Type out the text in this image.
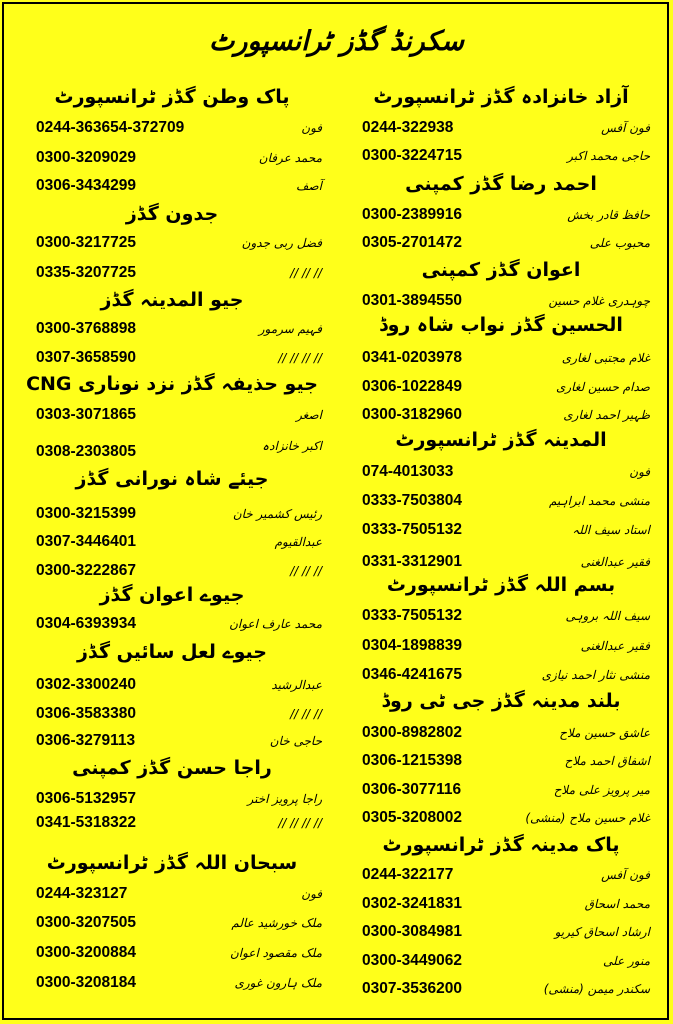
سکرنڈ گڈز ٹرانسپورٹ
پاک وطن گڈز ٹرانسپورٹ
0244-363654-372709	فون
0300-3209029	محمد عرفان
0306-3434299	آصف
جدون گڈز
0300-3217725	فضل ربی جدون
0335-3207725	// // //
جیو المدینہ گڈز
0300-3768898	فہیم سرمور
0307-3658590	// // // //
جیو حذیفہ گڈز نزد نوناری CNG
0303-3071865	اصغر
0308-2303805	اکبر خانزادہ
جیئے شاہ نورانی گڈز
0300-3215399	رئیس کشمیر خان
0307-3446401	عبدالقیوم
0300-3222867	// // //
جیوے اعوان گڈز
0304-6393934	محمد عارف اعوان
جیوے لعل سائیں گڈز
0302-3300240	عبدالرشید
0306-3583380	// // //
0306-3279113	حاجی خان
راجا حسن گڈز کمپنی
0306-5132957	راجا پرویز اختر
0341-5318322	// // // //
سبحان اللہ گڈز ٹرانسپورٹ
0244-323127	فون
0300-3207505	ملک خورشید عالم
0300-3200884	ملک مقصود اعوان
0300-3208184	ملک ہارون غوری
آزاد خانزادہ گڈز ٹرانسپورٹ
0244-322938	فون آفس
0300-3224715	حاجی محمد اکبر
احمد رضا گڈز کمپنی
0300-2389916	حافظ قادر بخش
0305-2701472	محبوب علی
اعوان گڈز کمپنی
0301-3894550	چوہدری غلام حسین
الحسین گڈز نواب شاہ روڈ
0341-0203978	غلام مجتبی لغاری
0306-1022849	صدام حسین لغاری
0300-3182960	ظہیر احمد لغاری
المدینہ گڈز ٹرانسپورٹ
074-4013033	فون
0333-7503804	منشی محمد ابراہیم
0333-7505132	استاد سیف اللہ
0331-3312901	فقیر عبدالغنی
بسم اللہ گڈز ٹرانسپورٹ
0333-7505132	سیف اللہ بروہی
0304-1898839	فقیر عبدالغنی
0346-4241675	منشی نثار احمد نیازی
بلند مدینہ گڈز جی ٹی روڈ
0300-8982802	عاشق حسین ملاح
0306-1215398	اشفاق احمد ملاح
0306-3077116	میر پرویز علی ملاح
0305-3208002	غلام حسین ملاح (منشی)
پاک مدینہ گڈز ٹرانسپورٹ
0244-322177	فون آفس
0302-3241831	محمد اسحاق
0300-3084981	ارشاد اسحاق کیریو
0300-3449062	منور علی
0307-3536200	سکندر میمن (منشی)
